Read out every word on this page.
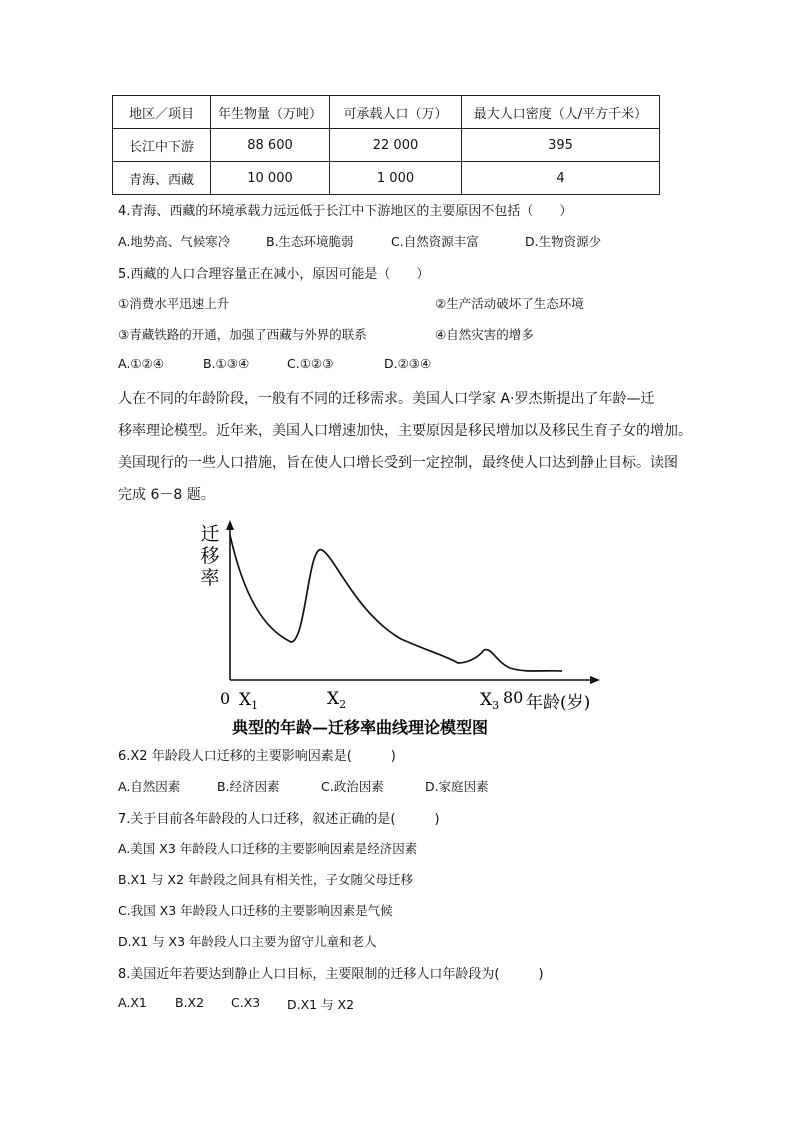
地区／项目	年生物量（万吨）	可承载人口（万）	最大人口密度（人/平方千米）
长江中下游	88 600	22 000	395
青海、西藏	10 000	1 000	4
4.青海、西藏的环境承载力远远低于长江中下游地区的主要原因不包括（　　）
A.地势高、气候寒冷	B.生态环境脆弱	C.自然资源丰富	D.生物资源少
5.西藏的人口合理容量正在减小，原因可能是（　　）
①消费水平迅速上升	②生产活动破坏了生态环境
③青藏铁路的开通，加强了西藏与外界的联系	④自然灾害的增多
A.①②④	B.①③④	C.①②③	D.②③④
人在不同的年龄阶段，一般有不同的迁移需求。美国人口学家 A·罗杰斯提出了年龄—迁
移率理论模型。近年来，美国人口增速加快，主要原因是移民增加以及移民生育子女的增加。
美国现行的一些人口措施，旨在使人口增长受到一定控制，最终使人口达到静止目标。读图
完成 6－8 题。
迁
移
率
0 $X_1$	$X_2$	$X_3$ 80 年龄(岁)
典型的年龄—迁移率曲线理论模型图
6.X2 年龄段人口迁移的主要影响因素是(　　　)
A.自然因素	B.经济因素	C.政治因素	D.家庭因素
7.关于目前各年龄段的人口迁移，叙述正确的是(　　　)
A.美国 X3 年龄段人口迁移的主要影响因素是经济因素
B.X1 与 X2 年龄段之间具有相关性，子女随父母迁移
C.我国 X3 年龄段人口迁移的主要影响因素是气候
D.X1 与 X3 年龄段人口主要为留守儿童和老人
8.美国近年若要达到静止人口目标，主要限制的迁移人口年龄段为(　　　)
A.X1 B.X2 C.X3 D.X1 与 X2
